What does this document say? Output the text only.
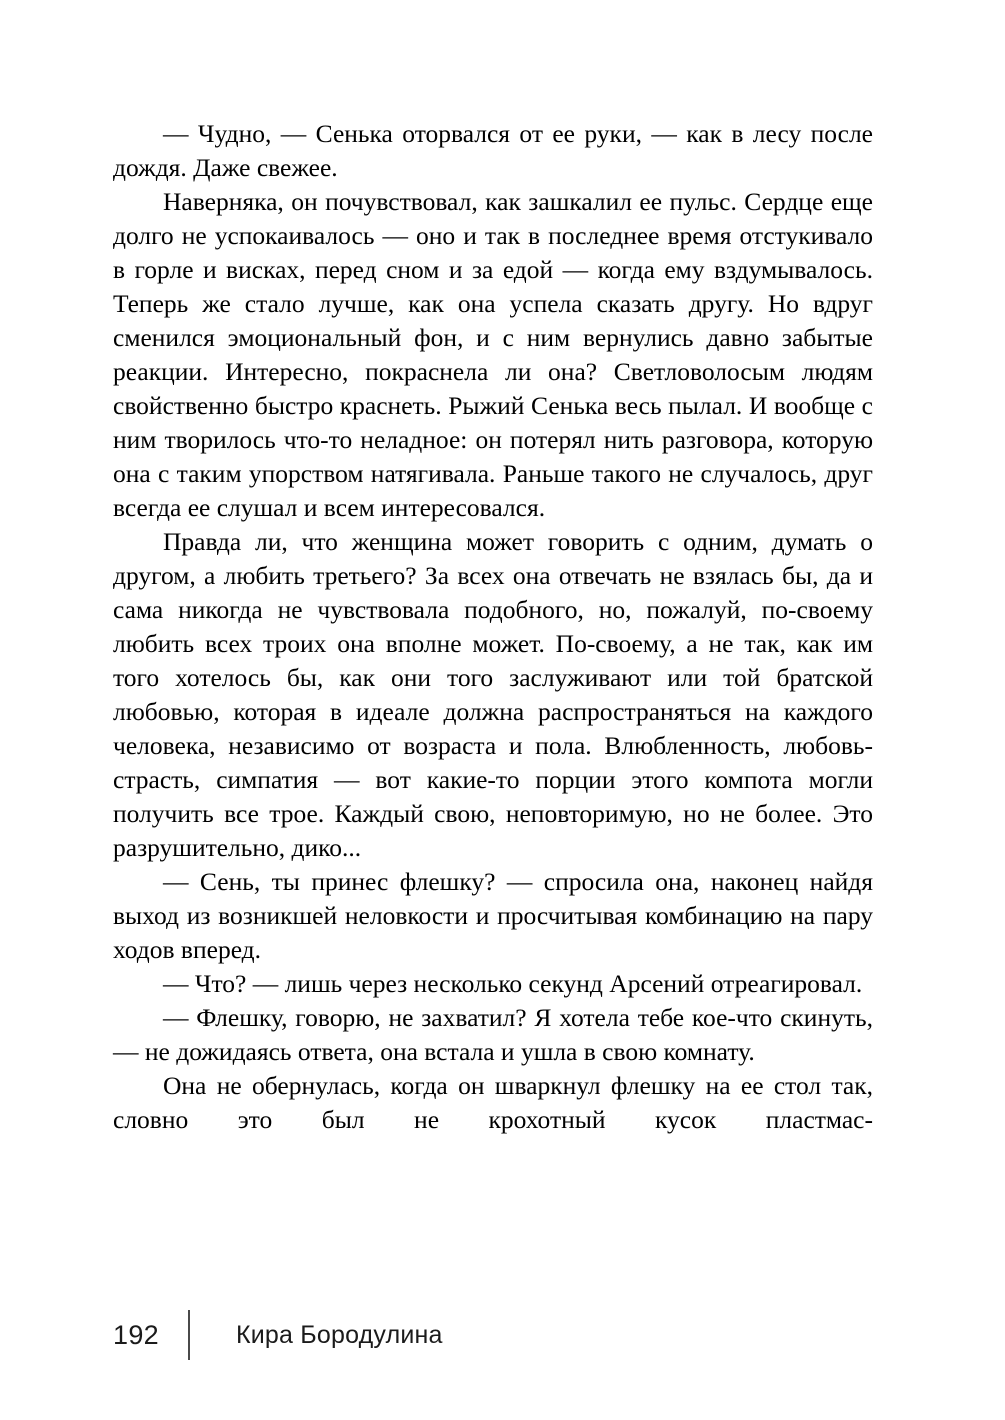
— Чудно, — Сенька оторвался от ее руки, — как в лесу после дождя. Даже свежее.

Наверняка, он почувствовал, как зашкалил ее пульс. Сердце еще долго не успокаивалось — оно и так в последнее время отстукивало в горле и висках, перед сном и за едой — когда ему вздумывалось. Теперь же стало лучше, как она успела сказать другу. Но вдруг сменился эмоциональный фон, и с ним вернулись давно забытые реакции. Интересно, покраснела ли она? Светловолосым людям свойственно быстро краснеть. Рыжий Сенька весь пылал. И вообще с ним творилось что-то неладное: он потерял нить разговора, которую она с таким упорством натягивала. Раньше такого не случалось, друг всегда ее слушал и всем интересовался.

Правда ли, что женщина может говорить с одним, думать о другом, а любить третьего? За всех она отвечать не взялась бы, да и сама никогда не чувствовала подобного, но, пожалуй, по-своему любить всех троих она вполне может. По-своему, а не так, как им того хотелось бы, как они того заслуживают или той братской любовью, которая в идеале должна распространяться на каждого человека, независимо от возраста и пола. Влюбленность, любовь-страсть, симпатия — вот какие-то порции этого компота могли получить все трое. Каждый свою, неповторимую, но не более. Это разрушительно, дико...

— Сень, ты принес флешку? — спросила она, наконец найдя выход из возникшей неловкости и просчитывая комбинацию на пару ходов вперед.

— Что? — лишь через несколько секунд Арсений отреагировал.

— Флешку, говорю, не захватил? Я хотела тебе кое-что скинуть, — не дожидаясь ответа, она встала и ушла в свою комнату.

Она не обернулась, когда он шваркнул флешку на ее стол так, словно это был не крохотный кусок пластмас-

192	Кира Бородулина
